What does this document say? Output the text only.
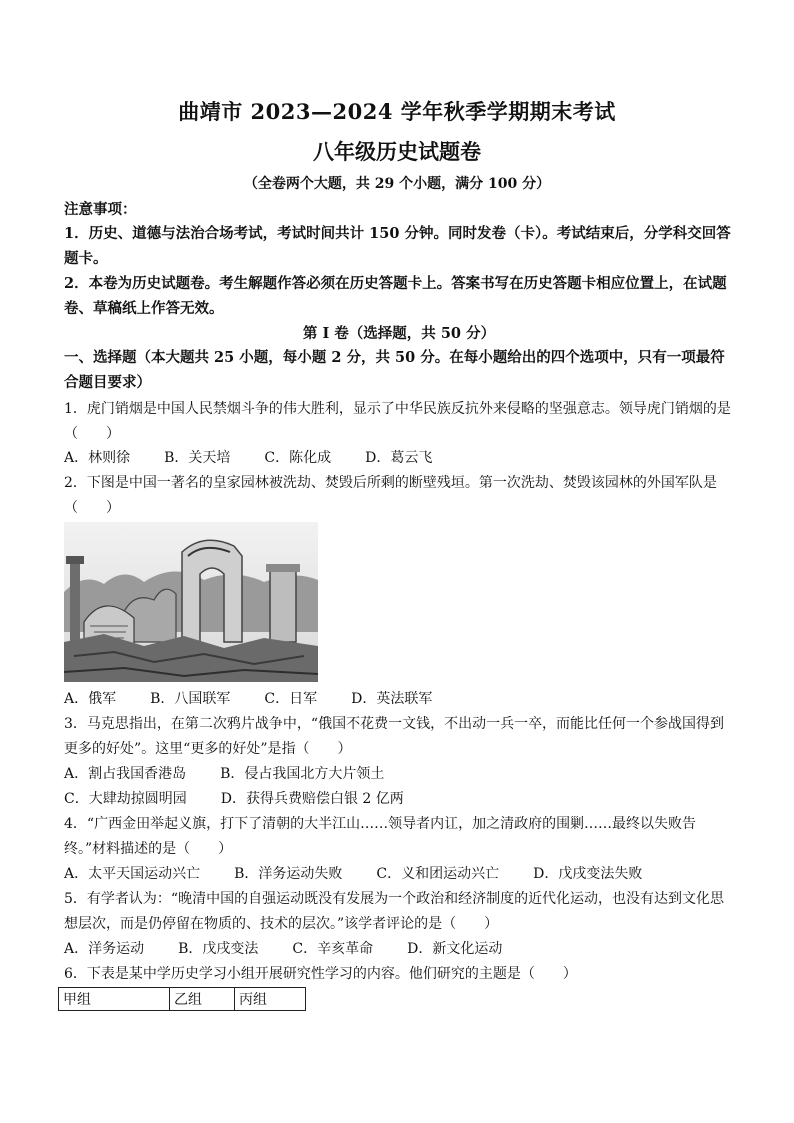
曲靖市 2023—2024 学年秋季学期期末考试
八年级历史试题卷
（全卷两个大题，共 29 个小题，满分 100 分）
注意事项：
1．历史、道德与法治合场考试，考试时间共计 150 分钟。同时发卷（卡）。考试结束后，分学科交回答题卡。
2．本卷为历史试题卷。考生解题作答必须在历史答题卡上。答案书写在历史答题卡相应位置上，在试题卷、草稿纸上作答无效。
第 I 卷（选择题，共 50 分）
一、选择题（本大题共 25 小题，每小题 2 分，共 50 分。在每小题给出的四个选项中，只有一项最符合题目要求）
1．虎门销烟是中国人民禁烟斗争的伟大胜利，显示了中华民族反抗外来侵略的坚强意志。领导虎门销烟的是（　　）
A．林则徐 B．关天培 C．陈化成 D．葛云飞
2．下图是中国一著名的皇家园林被洗劫、焚毁后所剩的断壁残垣。第一次洗劫、焚毁该园林的外国军队是（　　）
A．俄军 B．八国联军 C．日军 D．英法联军
3．马克思指出，在第二次鸦片战争中，“俄国不花费一文钱，不出动一兵一卒，而能比任何一个参战国得到更多的好处”。这里“更多的好处”是指（　　）
A．割占我国香港岛 B．侵占我国北方大片领土
C．大肆劫掠圆明园 D．获得兵费赔偿白银 2 亿两
4．“广西金田举起义旗，打下了清朝的大半江山……领导者内讧，加之清政府的围剿……最终以失败告终。”材料描述的是（　　）
A．太平天国运动兴亡 B．洋务运动失败 C．义和团运动兴亡 D．戊戌变法失败
5．有学者认为：“晚清中国的自强运动既没有发展为一个政治和经济制度的近代化运动，也没有达到文化思想层次，而是仍停留在物质的、技术的层次。”该学者评论的是（　　）
A．洋务运动 B．戊戌变法 C．辛亥革命 D．新文化运动
6．下表是某中学历史学习小组开展研究性学习的内容。他们研究的主题是（　　）
甲组	乙组	丙组
